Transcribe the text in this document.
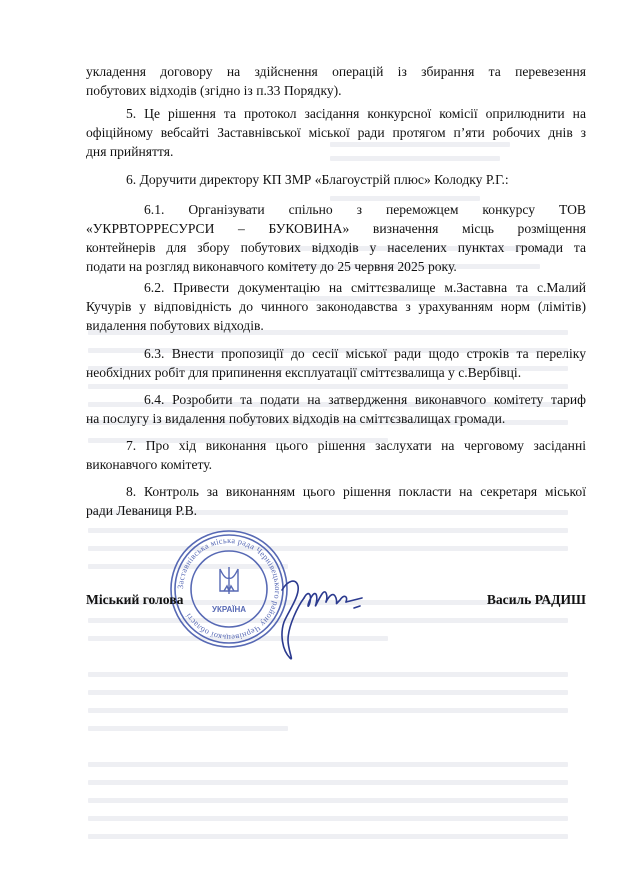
укладення договору на здійснення операцій із збирання та перевезення
побутових відходів (згідно із п.33 Порядку).
5. Це рішення та протокол засідання конкурсної комісії оприлюднити на
офіційному вебсайті Заставнівської міської ради протягом п’яти робочих днів з
дня прийняття.
6. Доручити директору КП ЗМР «Благоустрій плюс» Колодку Р.Г.:
6.1. Організувати спільно з переможцем конкурсу ТОВ
«УКРВТОРРЕСУРСИ – БУКОВИНА» визначення місць розміщення
контейнерів для збору побутових відходів у населених пунктах громади та
подати на розгляд виконавчого комітету до 25 червня 2025 року.
6.2. Привести документацію на сміттєзвалище м.Заставна та с.Малий
Кучурів у відповідність до чинного законодавства з урахуванням норм (лімітів)
видалення побутових відходів.
6.3. Внести пропозиції до сесії міської ради щодо строків та переліку
необхідних робіт для припинення експлуатації сміттєзвалища у с.Вербівці.
6.4. Розробити та подати на затвердження виконавчого комітету тариф
на послугу із видалення побутових відходів на сміттєзвалищах громади.
7. Про хід виконання цього рішення заслухати на черговому засіданні
виконавчого комітету.
8. Контроль за виконанням цього рішення покласти на секретаря міської
ради Леваниця Р.В.
Заставнівська міська рада Чернівецького району Чернівецької області
УКРАЇНА
Міський голова	Василь РАДИШ
